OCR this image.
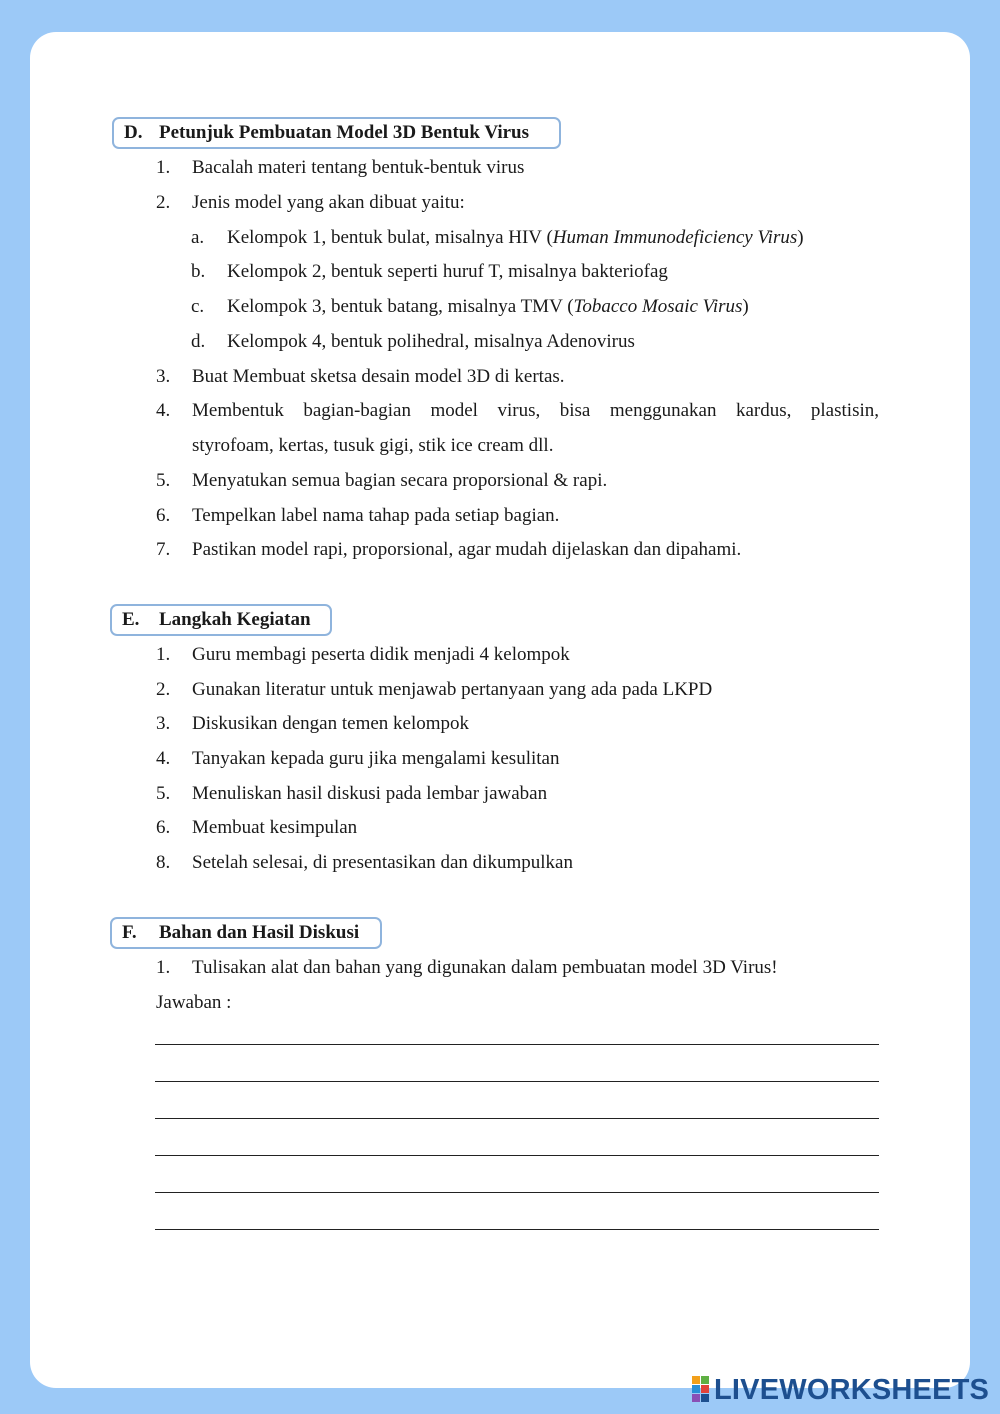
D. Petunjuk Pembuatan Model 3D Bentuk Virus
1. Bacalah materi tentang bentuk-bentuk virus
2. Jenis model yang akan dibuat yaitu:
a. Kelompok 1, bentuk bulat, misalnya HIV (Human Immunodeficiency Virus)
b. Kelompok 2, bentuk seperti huruf T, misalnya bakteriofag
c. Kelompok 3, bentuk batang, misalnya TMV (Tobacco Mosaic Virus)
d. Kelompok 4, bentuk polihedral, misalnya Adenovirus
3. Buat Membuat sketsa desain model 3D di kertas.
4. Membentuk bagian-bagian model virus, bisa menggunakan kardus, plastisin,
styrofoam, kertas, tusuk gigi, stik ice cream dll.
5. Menyatukan semua bagian secara proporsional & rapi.
6. Tempelkan label nama tahap pada setiap bagian.
7. Pastikan model rapi, proporsional, agar mudah dijelaskan dan dipahami.
E. Langkah Kegiatan
1. Guru membagi peserta didik menjadi 4 kelompok
2. Gunakan literatur untuk menjawab pertanyaan yang ada pada LKPD
3. Diskusikan dengan temen kelompok
4. Tanyakan kepada guru jika mengalami kesulitan
5. Menuliskan hasil diskusi pada lembar jawaban
6. Membuat kesimpulan
8. Setelah selesai, di presentasikan dan dikumpulkan
F. Bahan dan Hasil Diskusi
1. Tulisakan alat dan bahan yang digunakan dalam pembuatan model 3D Virus!
Jawaban :
LIVEWORKSHEETS
